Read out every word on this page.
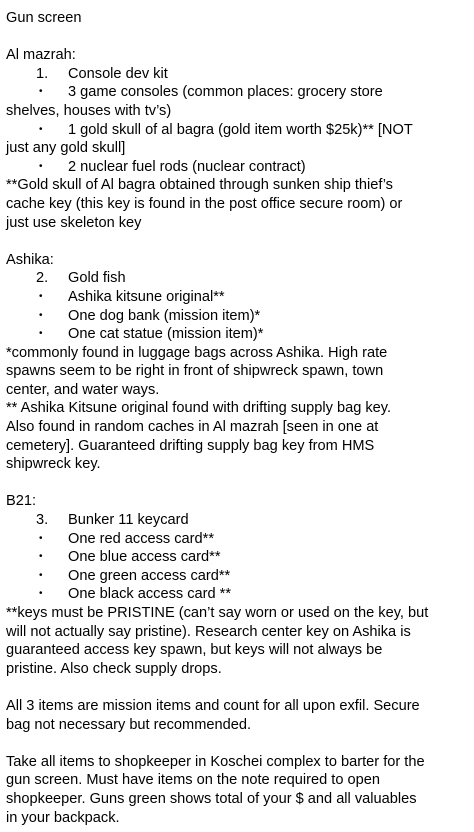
Gun screen
Al mazrah:
1.	Console dev kit
•	3 game consoles (common places: grocery store
shelves, houses with tv’s)
•	1 gold skull of al bagra (gold item worth $25k)** [NOT
just any gold skull]
•	2 nuclear fuel rods (nuclear contract)
**Gold skull of Al bagra obtained through sunken ship thief’s
cache key (this key is found in the post office secure room) or
just use skeleton key
Ashika:
2.	Gold fish
•	Ashika kitsune original**
•	One dog bank (mission item)*
•	One cat statue (mission item)*
*commonly found in luggage bags across Ashika. High rate
spawns seem to be right in front of shipwreck spawn, town
center, and water ways.
** Ashika Kitsune original found with drifting supply bag key.
Also found in random caches in Al mazrah [seen in one at
cemetery]. Guaranteed drifting supply bag key from HMS
shipwreck key.
B21:
3.	Bunker 11 keycard
•	One red access card**
•	One blue access card**
•	One green access card**
•	One black access card **
**keys must be PRISTINE (can’t say worn or used on the key, but
will not actually say pristine). Research center key on Ashika is
guaranteed access key spawn, but keys will not always be
pristine. Also check supply drops.
All 3 items are mission items and count for all upon exfil. Secure
bag not necessary but recommended.
Take all items to shopkeeper in Koschei complex to barter for the
gun screen. Must have items on the note required to open
shopkeeper. Guns green shows total of your $ and all valuables
in your backpack.
